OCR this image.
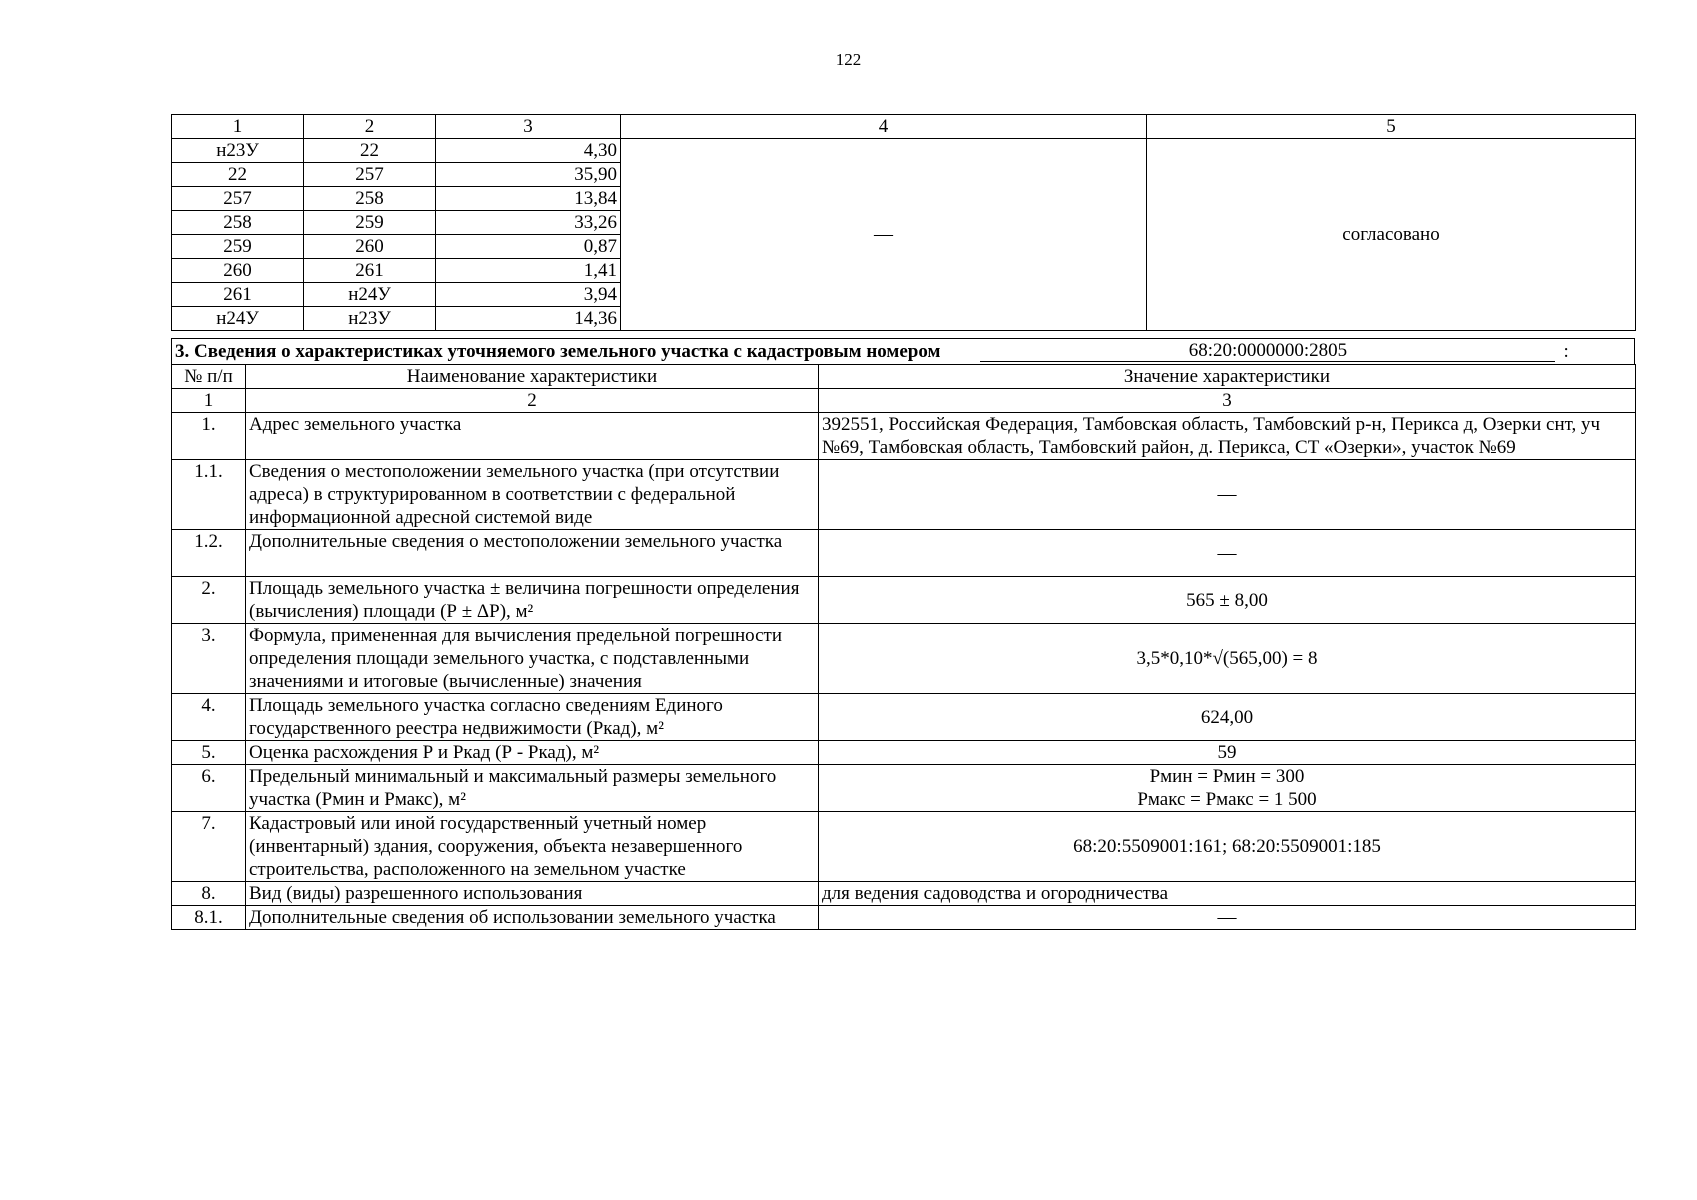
122
1	2	3	4	5
н23У	22	4,30	—	согласовано
22	257	35,90		
257	258	13,84		
258	259	33,26		
259	260	0,87		
260	261	1,41		
261	н24У	3,94		
н24У	н23У	14,36		
3. Сведения о характеристиках уточняемого земельного участка с кадастровым номером	68:20:0000000:2805	:
№ п/п	Наименование характеристики	Значение характеристики
1	2	3
1.	Адрес земельного участка	392551, Российская Федерация, Тамбовская область, Тамбовский р-н, Перикса д, Озерки снт, уч №69, Тамбовская область, Тамбовский район, д. Перикса, СТ «Озерки», участок №69
1.1.	Сведения о местоположении земельного участка (при отсутствии адреса) в структурированном в соответствии с федеральной информационной адресной системой виде	—
1.2.	Дополнительные сведения о местоположении земельного участка	—
2.	Площадь земельного участка ± величина погрешности определения (вычисления) площади (Р ± ΔР), м²	565 ± 8,00
3.	Формула, примененная для вычисления предельной погрешности определения площади земельного участка, с подставленными значениями и итоговые (вычисленные) значения	3,5*0,10*√(565,00) = 8
4.	Площадь земельного участка согласно сведениям Единого государственного реестра недвижимости (Ркад), м²	624,00
5.	Оценка расхождения Р и Ркад (Р - Ркад), м²	59
6.	Предельный минимальный и максимальный размеры земельного участка (Рмин и Рмакс), м²	Рмин = Рмин = 300
Рмакс = Рмакс = 1 500

7.	Кадастровый или иной государственный учетный номер (инвентарный) здания, сооружения, объекта незавершенного строительства, расположенного на земельном участке	68:20:5509001:161; 68:20:5509001:185
8.	Вид (виды) разрешенного использования	для ведения садоводства и огородничества
8.1.	Дополнительные сведения об использовании земельного участка	—
